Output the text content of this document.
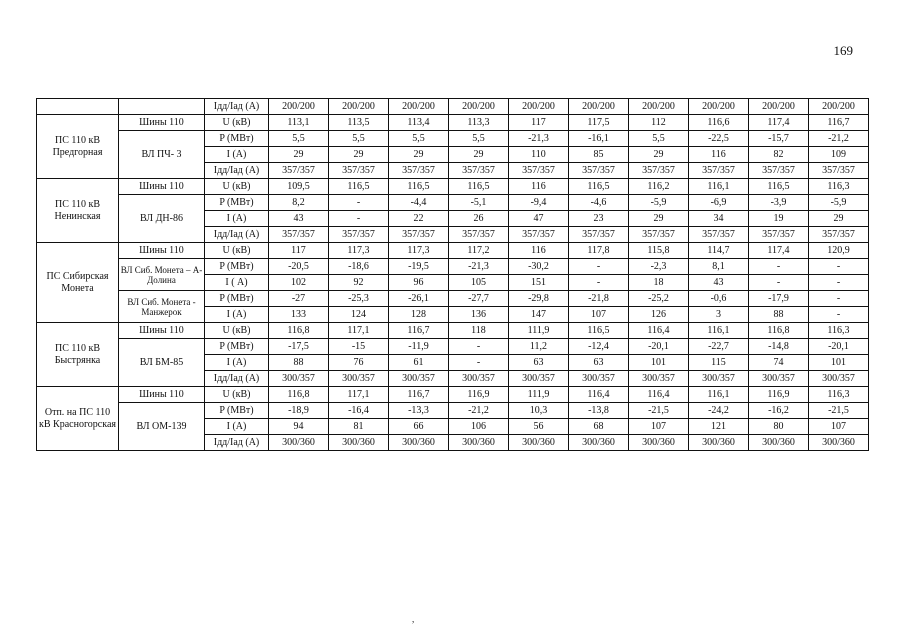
169
		Iдд/Iад (А)	200/200	200/200	200/200	200/200	200/200	200/200	200/200	200/200	200/200	200/200
ПС 110 кВ Предгорная	Шины 110	U (кВ)	113,1	113,5	113,4	113,3	117	117,5	112	116,6	117,4	116,7
	ВЛ ПЧ- 3	P (МВт)	5,5	5,5	5,5	5,5	-21,3	-16,1	5,5	-22,5	-15,7	-21,2
		I (А)	29	29	29	29	110	85	29	116	82	109
		Iдд/Iад (А)	357/357	357/357	357/357	357/357	357/357	357/357	357/357	357/357	357/357	357/357
ПС 110 кВ Ненинская	Шины 110	U (кВ)	109,5	116,5	116,5	116,5	116	116,5	116,2	116,1	116,5	116,3
	ВЛ ДН-86	P (МВт)	8,2	-	-4,4	-5,1	-9,4	-4,6	-5,9	-6,9	-3,9	-5,9
		I (А)	43	-	22	26	47	23	29	34	19	29
		Iдд/Iад (А)	357/357	357/357	357/357	357/357	357/357	357/357	357/357	357/357	357/357	357/357
ПС Сибирская Монета	Шины 110	U (кВ)	117	117,3	117,3	117,2	116	117,8	115,8	114,7	117,4	120,9
	ВЛ Сиб. Монета – А-Долина	P (МВт)	-20,5	-18,6	-19,5	-21,3	-30,2	-	-2,3	8,1	-	-
		I ( А)	102	92	96	105	151	-	18	43	-	-
	ВЛ Сиб. Монета - Манжерок	P (МВт)	-27	-25,3	-26,1	-27,7	-29,8	-21,8	-25,2	-0,6	-17,9	-
		I (А)	133	124	128	136	147	107	126	3	88	-
ПС 110 кВ Быстрянка	Шины 110	U (кВ)	116,8	117,1	116,7	118	111,9	116,5	116,4	116,1	116,8	116,3
	ВЛ БМ-85	P (МВт)	-17,5	-15	-11,9	-	11,2	-12,4	-20,1	-22,7	-14,8	-20,1
		I (А)	88	76	61	-	63	63	101	115	74	101
		Iдд/Iад (А)	300/357	300/357	300/357	300/357	300/357	300/357	300/357	300/357	300/357	300/357
Отп. на ПС 110 кВ Красногорская	Шины 110	U (кВ)	116,8	117,1	116,7	116,9	111,9	116,4	116,4	116,1	116,9	116,3
	ВЛ ОМ-139	P (МВт)	-18,9	-16,4	-13,3	-21,2	10,3	-13,8	-21,5	-24,2	-16,2	-21,5
		I (А)	94	81	66	106	56	68	107	121	80	107
		Iдд/Iад (А)	300/360	300/360	300/360	300/360	300/360	300/360	300/360	300/360	300/360	300/360
,
